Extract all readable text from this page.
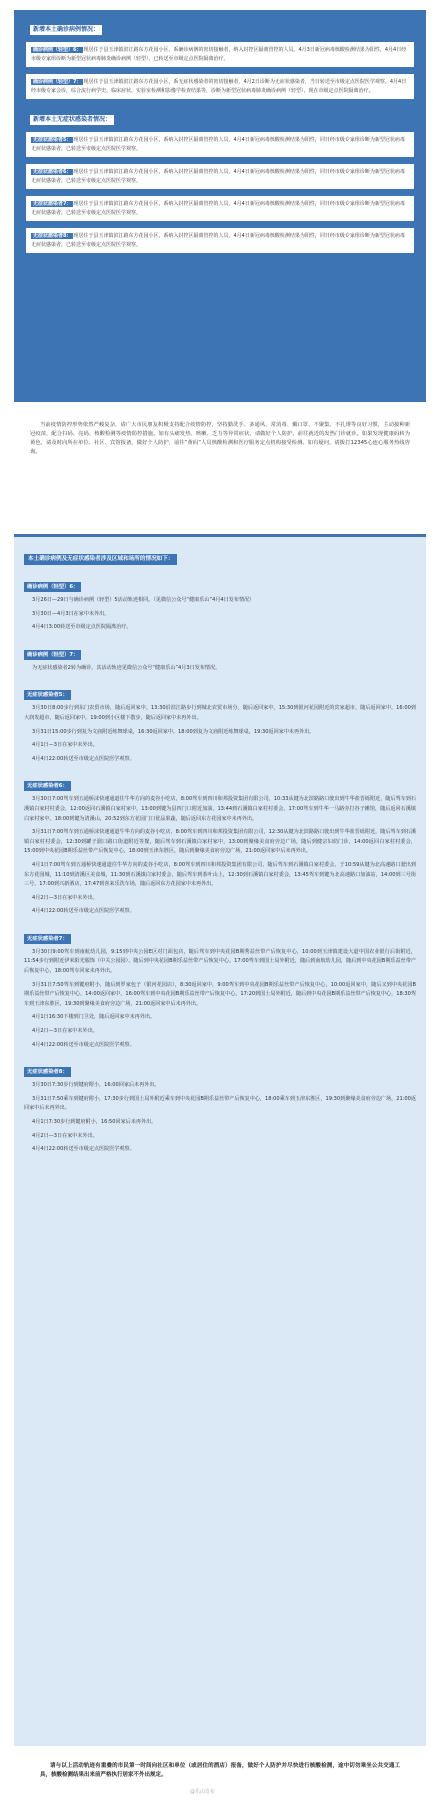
新增本土确诊病例情况：
确诊病例（轻型）6： 现居住于县玉津镇滨江路东方花园小区，系确诊病例的密切接触者，纳入封控区隔离管控的人员。4月3日新冠病毒核酸检测结果为阳性，4月4日经市级专家组诊断为新型冠状病毒肺炎确诊病例（轻型），已转送至市级定点医院隔离治疗。
确诊病例（轻型）7： 现居住于县玉津镇滨江路东方花园小区，系无症状感染者的密切接触者，4月2日诊断为无症状感染者，当日转送至市级定点医院医学观察。4月4日经市级专家会诊，综合流行病学史、临床症状、实验室检测和影像学检查结果等，诊断为新型冠状病毒肺炎确诊病例（轻型），现在市级定点医院隔离治疗。
新增本土无症状感染者情况：
无症状感染者5： 现居住于县玉津镇滨江路东方花园小区，系纳入封控区隔离管控的人员，4月4日新冠病毒核酸检测结果为阳性，同日经市级专家组诊断为新型冠状病毒无症状感染者，已转送至市级定点医院医学观察。
无症状感染者6： 现居住于县玉津镇滨江路东方花园小区，系纳入封控区隔离管控的人员，4月4日新冠病毒核酸检测结果为阳性，同日经市级专家组诊断为新型冠状病毒无症状感染者，已转送至市级定点医院医学观察。
无症状感染者7： 现居住于县玉津镇滨江路东方花园小区，系纳入封控区隔离管控的人员，4月4日新冠病毒核酸检测结果为阳性，同日经市级专家组诊断为新型冠状病毒无症状感染者，已转送至市级定点医院医学观察。
无症状感染者8： 现居住于县玉津镇滨江路东方花园小区，系纳入封控区隔离管控的人员，4月4日新冠病毒核酸检测结果为阳性，同日经市级专家组诊断为新型冠状病毒无症状感染者，已转送至市级定点医院医学观察。

当前疫情防控形势依然严峻复杂，请广大市民朋友积极支持配合疫情防控，坚持勤洗手、多通风、常消毒、戴口罩、不聚集、不扎堆等良好习惯，主动接种新冠疫苗，配合扫码、亮码、核酸检测等疫情防控措施。如有头痛发热、咳嗽、乏力等异常症状，请做好个人防护，前往就近的发热门诊就诊。如果发现健康码转为黄色，请及时向所在单位、社区、宾馆报备，做好个人防护，前往“黄码”人员核酸检测和医疗服务定点机构接受检测。如有疑问，请拨打12345心连心服务热线咨询。

本土确诊病例及无症状感染者涉及区域和场所的情况如下：
确诊病例（轻型）6：

3月26日—29日与确诊病例（轻型）5活动轨迹相同。（见微信公众号“健康乐山”4月4日发布情况）

3月30日—4月3日在家中未外出。

4月4日3:00转送至市级定点医院隔离治疗。

确诊病例（轻型）7：

为无症状感染者2转为确诊，其活动轨迹见微信公众号“健康乐山”4月3日发布情况。

无症状感染者5：

3月30日8:00步行到东门农贸市场，随后返回家中。13:30沿滨江路步行到城北农贸市场分，随后返回家中。15:30到银河花园附近的宾家超市，随后返回家中。16:00到大润发超市，随后返回家中。19:00到小区楼下散步，随后返回家中未再外出。

3月31日15:00步行到复为文庙附近练舞球桌，16:30返回家中。18:00到复为文庙附近练舞球桌，19:30返回家中未再外出。

4月1日—3日在家中未外出。

4月4日22:00转送至市级定点医院医学观察。

无症状感染者6：

3月30日7:00驾车到五通桥沫快速通道往牛华方向的麦谷小吃店，8:00驾车到四川和邦投资集团有限公司，10:33从键为北滨路路口驶出到牛华盐晋砾附近，随后驾车到石溪镇白家村村委会，12:00返回石溪镇白家村家中，13:00到键为县四门口附近加油，13:44到石溪镇白家村村委会，17:00驾车到牛华一马路旁打谷子摊馆，随后返回石溪镇白家村家中。18:00到键为清溪山，20:52到东方花园门口优品果蔬，随后返回东方花园家中未再外出。

3月31日7:00驾车到五通桥沫快速通道牛华方向的麦谷小吃店，8:00驾车到四川和邦投资集团有限公司，12:30从键为北滨路路口驶出到牛华盐晋砾附近，随后驾车到石溪镇白家村村委会，12:30到罐子溜口路口街道附近等餐，随后驾车到石溪镇白家村家中，13:00到聚缘美食府旁边广场，随后到健宗妇幼门诊，14:00返回白家村村委会，15:00到中央花园B期乐益丝带产后恢复中心，18:00到玉津东胜区，随后到聚缘美食府旁边广场，21:00返回家中后未再外出。

4月1日7:00驾车到五通桥快速通道往牛华方向的麦谷小吃店，8:00驾车到四川和邦投资集团有限公司，随后驾车到石溪镇白家村委会，于10:59从键为北高速路口驶出到东方花园城，11:10到清溪区美食城，11:30到石溪镇白家村委会，随后驾车到茶叶山上，12:30到石溪镇白家村委会，13:45驾车到键为北高速路口加油站，14:00到三号街三号，17:00到兴新酒店，17:47到喜来乐洗车场，随后返回东方花园家中未再外出。

4月2日—3日在家中未外出。

4月4日22:00转送至市级定点医院医学观察。

无症状感染者7：

3月30日9:00驾车到南航幼儿园，9:15到中央公园E区对门面包店，随后驾车到中央花园B期秀益丝带产后恢复中心，10:00到玉津镇建设大道中国农业银行后街附近，11:54步行到附近伊米阳光服饰（中关公园园），随后到中央花园B期乐益丝带产后恢复中心。17:00驾车到国土局外附近，随后到南航幼儿园，随后到中央花园B期乐益丝带产后恢复中心，18:00驾车回家未再外出。

3月31日7:50驾车到键府附小，随后到罗家包子（银河花园店），8:30返回家中，9:00驾车到中央花园B期乐益丝带产后恢复中心，10:00返回家中，随后又到中央花园B期乐益丝带产后恢复中心，14:00返回家中，16:00驾车到中央花园B期乐益丝带产后恢复中心，17:20到国土局外附近，随后到中央花园B期乐益丝带产后恢复中心，18:30驾车到玉津东胜区，19:30到聚缘美食府旁边广场，21:00返回家中后未再外出。

4月1日16:30下楼到门卫处，随后返回家中未再外出。

4月2日—3日在家中未外出。

4月4日22:00转送至市级定点医院医学观察。

无症状感染者8：

3月30日7:30步行到键府附小，16:00回家后未再外出。

3月31日7:50乘车到键府附小，17:30步行到国土局外附近乘车到中央花园B期乐益丝带产后恢复中心，18:00乘车到玉津东胜区，19:30到聚缘美食府旁边广场，21:00返回家中后未再外出。

4月1日7:30步行到键府附小，16:50回家后未再外出。

4月2日—3日在家中未外出。

4月4日22:00转送至市级定点医院医学观察。

请与以上活动轨迹有重叠的市民第一时间向社区和单位（或居住的酒店）报备，做好个人防护并尽快进行核酸检测，途中切勿乘坐公共交通工具，核酸检测结果出来前严格执行居家不外出规定。

@乐山发布
